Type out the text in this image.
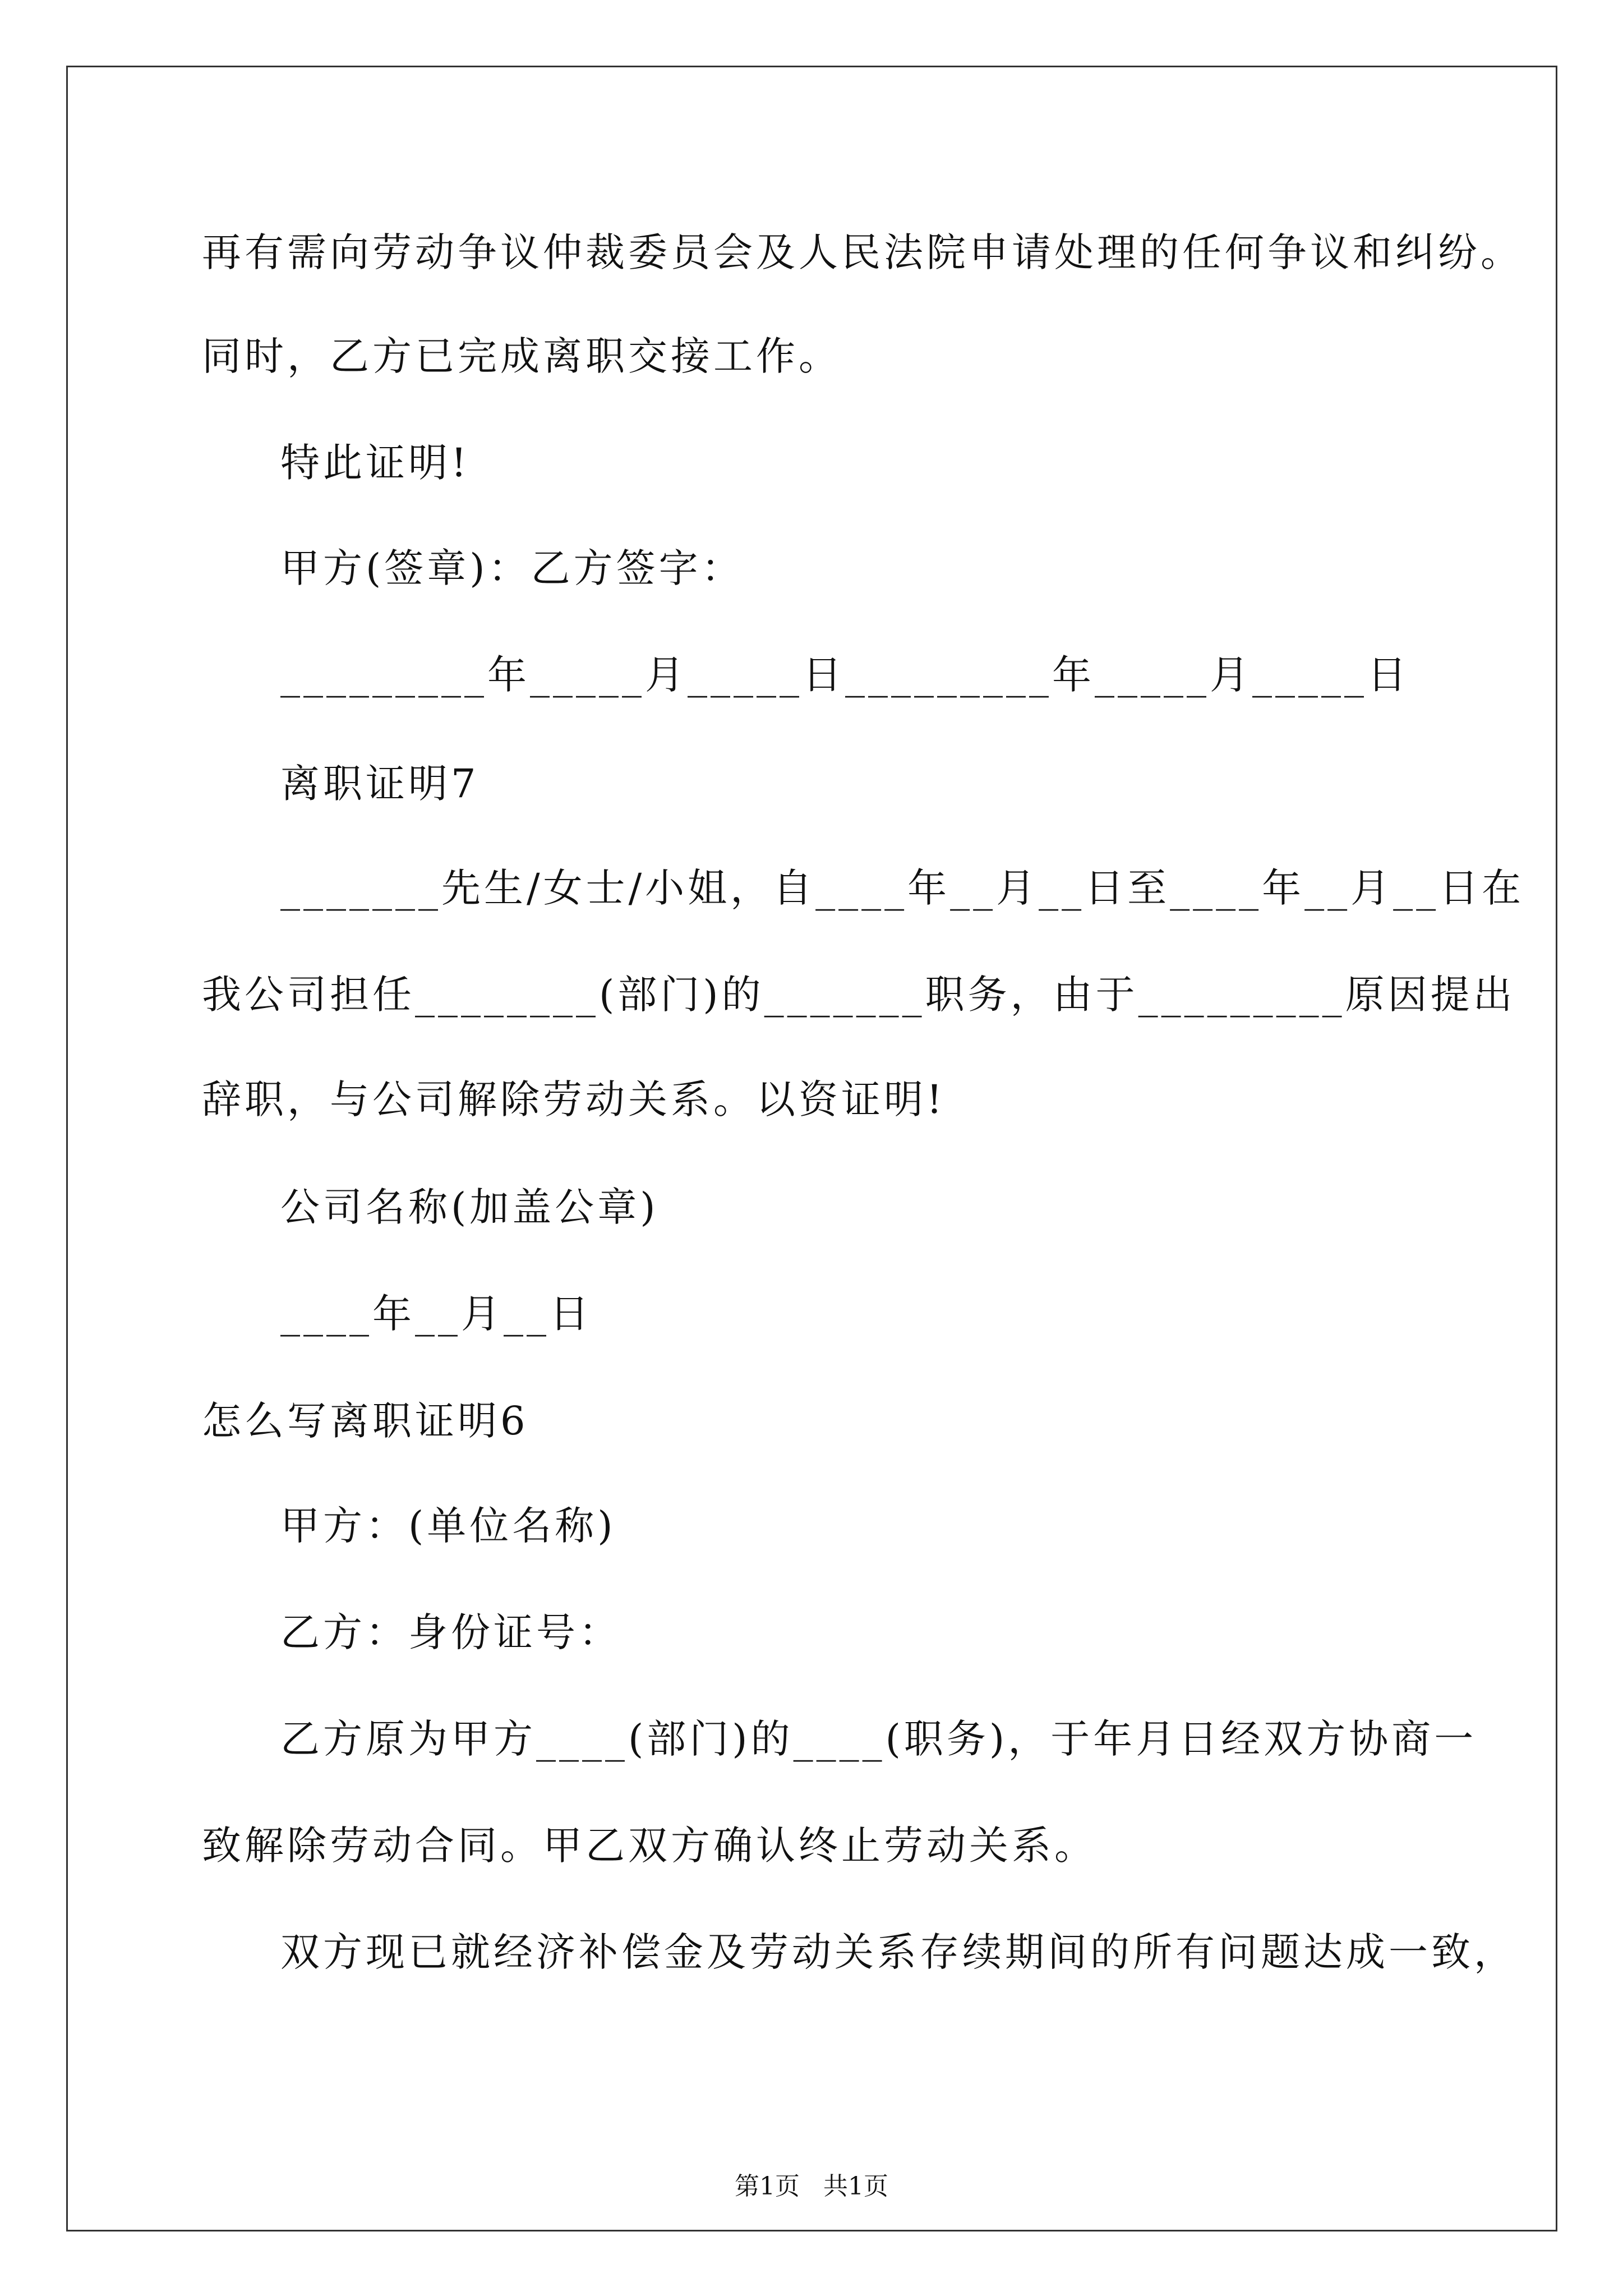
再有需向劳动争议仲裁委员会及人民法院申请处理的任何争议和纠纷。
同时，乙方已完成离职交接工作。
特此证明!
甲方(签章)：乙方签字：
_________年_____月_____日_________年_____月_____日
离职证明7
_______先生/女士/小姐，自____年__月__日至____年__月__日在
我公司担任________(部门)的_______职务，由于_________原因提出
辞职，与公司解除劳动关系。以资证明!
公司名称(加盖公章)
____年__月__日
怎么写离职证明6
甲方：(单位名称)
乙方：身份证号：
乙方原为甲方____(部门)的____(职务)，于年月日经双方协商一
致解除劳动合同。甲乙双方确认终止劳动关系。
双方现已就经济补偿金及劳动关系存续期间的所有问题达成一致，
第1页   共1页
